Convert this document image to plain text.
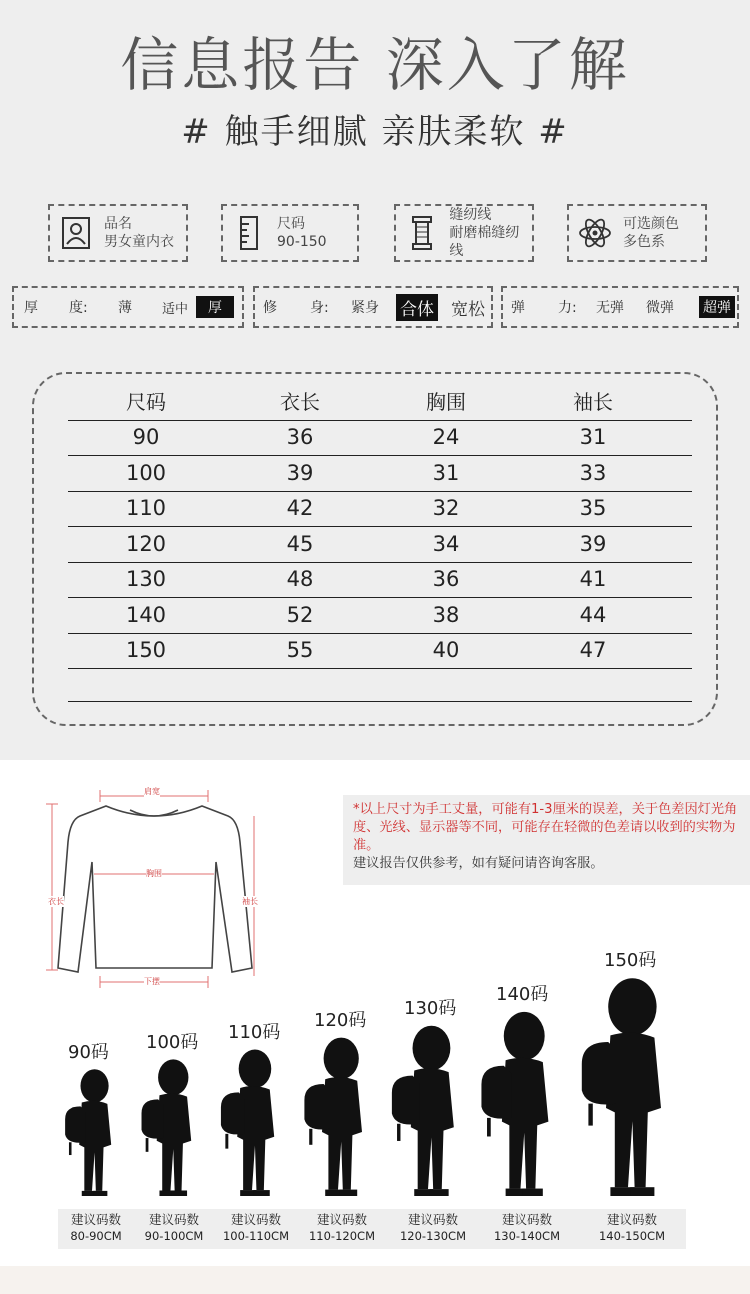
信息报告 深入了解
# 触手细腻 亲肤柔软 #
品名
男女童内衣
尺码
90-150
缝纫线
耐磨棉缝纫线
可选颜色
多色系
厚 度: 薄 适中	厚	修 身: 紧身 合体 宽松 弹 力: 无弹 微弹 超弹
尺码	衣长	胸围	袖长
90	36	24	31
100	39	31	33
110	42	32	35
120	45	34	39
130	48	36	41
140	52	38	44
150	55	40	47
肩宽
胸围
衣长	袖长
下摆
*以上尺寸为手工丈量，可能有1-3厘米的误差，关于色差因灯光角度、光线、显示器等不同，可能存在轻微的色差请以收到的实物为准。
建议报告仅供参考，如有疑问请咨询客服。
90码 100码 110码
120码
130码
140码
150码
建议码数
80-90CM
建议码数
90-100CM
建议码数
100-110CM
建议码数
110-120CM
建议码数
120-130CM
建议码数
130-140CM
建议码数
140-150CM
